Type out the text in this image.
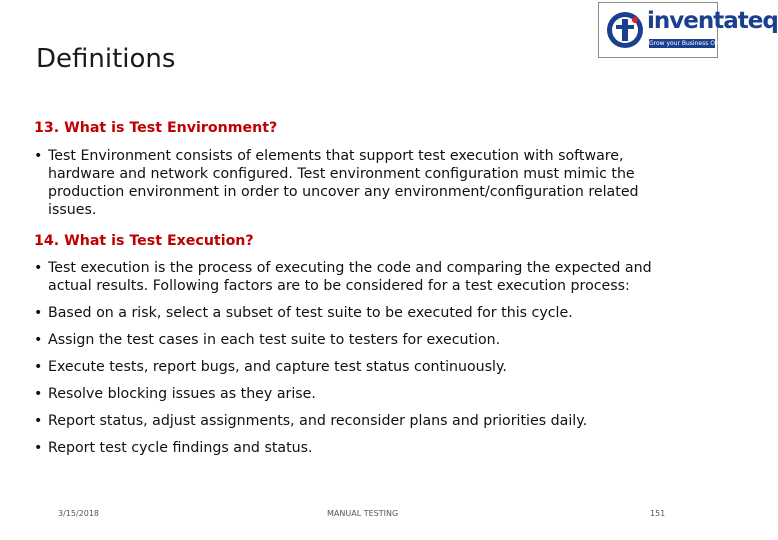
Definitions
inventateq
Grow your Business Online

13. What is Test Environment?

• Test Environment consists of elements that support test execution with software, hardware and network configured. Test environment configuration must mimic the production environment in order to uncover any environment/configuration related issues.

14. What is Test Execution?

• Test execution is the process of executing the code and comparing the expected and actual results. Following factors are to be considered for a test execution process:
• Based on a risk, select a subset of test suite to be executed for this cycle.
• Assign the test cases in each test suite to testers for execution.
• Execute tests, report bugs, and capture test status continuously.
• Resolve blocking issues as they arise.
• Report status, adjust assignments, and reconsider plans and priorities daily.
• Report test cycle findings and status.
3/15/2018	MANUAL TESTING	151
